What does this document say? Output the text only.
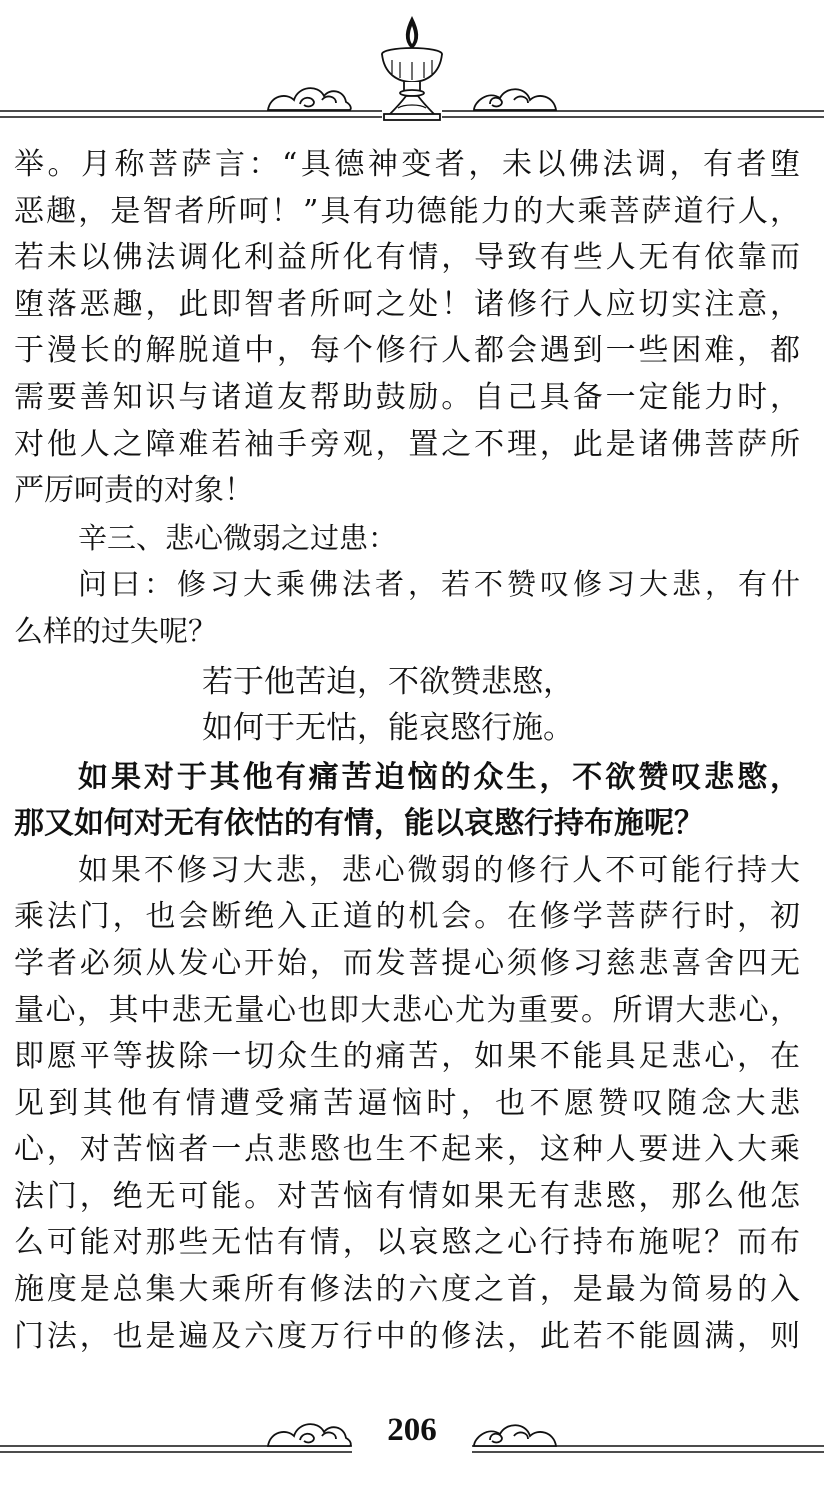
举。月称菩萨言：“具德神变者，未以佛法调，有者堕
恶趣，是智者所呵！”具有功德能力的大乘菩萨道行人，
若未以佛法调化利益所化有情，导致有些人无有依靠而
堕落恶趣，此即智者所呵之处！诸修行人应切实注意，
于漫长的解脱道中，每个修行人都会遇到一些困难，都
需要善知识与诸道友帮助鼓励。自己具备一定能力时，
对他人之障难若袖手旁观，置之不理，此是诸佛菩萨所
严厉呵责的对象！
辛三、悲心微弱之过患：
问曰：修习大乘佛法者，若不赞叹修习大悲，有什
么样的过失呢？
若于他苦迫，不欲赞悲愍，
如何于无怙，能哀愍行施。
如果对于其他有痛苦迫恼的众生，不欲赞叹悲愍，
那又如何对无有依怙的有情，能以哀愍行持布施呢？
如果不修习大悲，悲心微弱的修行人不可能行持大
乘法门，也会断绝入正道的机会。在修学菩萨行时，初
学者必须从发心开始，而发菩提心须修习慈悲喜舍四无
量心，其中悲无量心也即大悲心尤为重要。所谓大悲心，
即愿平等拔除一切众生的痛苦，如果不能具足悲心，在
见到其他有情遭受痛苦逼恼时，也不愿赞叹随念大悲
心，对苦恼者一点悲愍也生不起来，这种人要进入大乘
法门，绝无可能。对苦恼有情如果无有悲愍，那么他怎
么可能对那些无怙有情，以哀愍之心行持布施呢？而布
施度是总集大乘所有修法的六度之首，是最为简易的入
门法，也是遍及六度万行中的修法，此若不能圆满，则
206
